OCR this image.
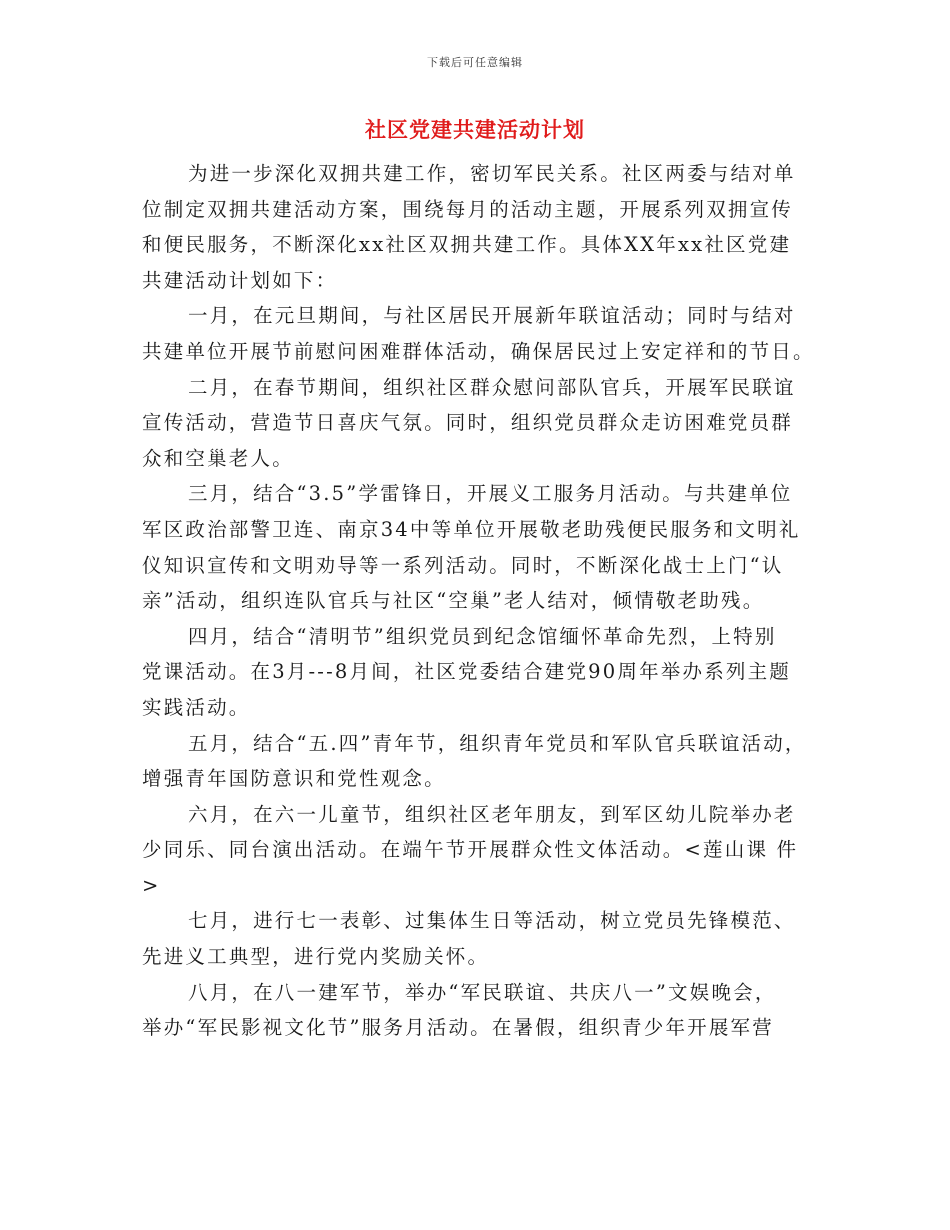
下载后可任意编辑
社区党建共建活动计划

为进一步深化双拥共建工作，密切军民关系。社区两委与结对单
位制定双拥共建活动方案，围绕每月的活动主题，开展系列双拥宣传
和便民服务，不断深化xx社区双拥共建工作。具体XX年xx社区党建
共建活动计划如下：

一月，在元旦期间，与社区居民开展新年联谊活动；同时与结对
共建单位开展节前慰问困难群体活动，确保居民过上安定祥和的节日。

二月，在春节期间，组织社区群众慰问部队官兵，开展军民联谊
宣传活动，营造节日喜庆气氛。同时，组织党员群众走访困难党员群
众和空巢老人。

三月，结合“3.5”学雷锋日，开展义工服务月活动。与共建单位
军区政治部警卫连、南京34中等单位开展敬老助残便民服务和文明礼
仪知识宣传和文明劝导等一系列活动。同时，不断深化战士上门“认
亲”活动，组织连队官兵与社区“空巢”老人结对，倾情敬老助残。

四月，结合“清明节”组织党员到纪念馆缅怀革命先烈，上特别
党课活动。在3月---8月间，社区党委结合建党90周年举办系列主题
实践活动。

五月，结合“五.四”青年节，组织青年党员和军队官兵联谊活动，
增强青年国防意识和党性观念。

六月，在六一儿童节，组织社区老年朋友，到军区幼儿院举办老
少同乐、同台演出活动。在端午节开展群众性文体活动。<莲山课 件
>

七月，进行七一表彰、过集体生日等活动，树立党员先锋模范、
先进义工典型，进行党内奖励关怀。

八月，在八一建军节，举办“军民联谊、共庆八一”文娱晚会，
举办“军民影视文化节”服务月活动。在暑假，组织青少年开展军营
